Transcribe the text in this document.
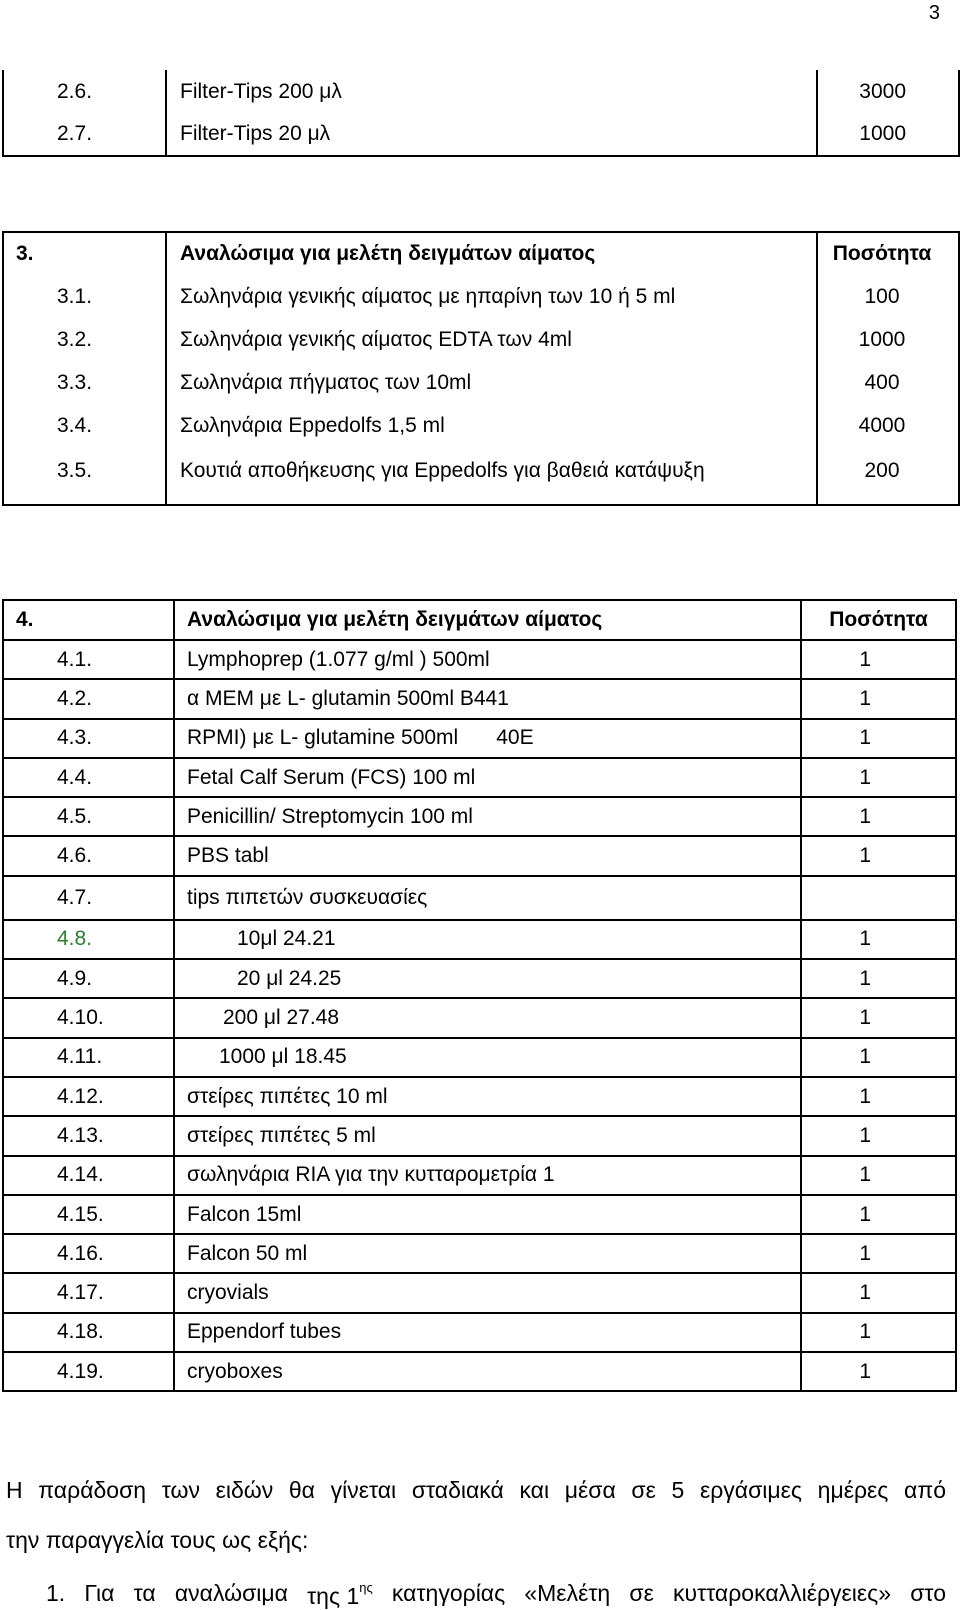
3
2.6.	Filter-Tips 200 μλ	3000
2.7.	Filter-Tips 20 μλ	1000
3.	Αναλώσιμα για μελέτη δειγμάτων αίματος	Ποσότητα
3.1.	Σωληνάρια γενικής αίματος με ηπαρίνη των 10 ή 5 ml	100
3.2.	Σωληνάρια γενικής αίματος EDTA των 4ml	1000
3.3.	Σωληνάρια πήγματος των 10ml	400
3.4.	Σωληνάρια Eppedolfs 1,5 ml	4000
3.5.	Κουτιά αποθήκευσης για Eppedolfs για βαθειά κατάψυξη	200
4.	Αναλώσιμα για μελέτη δειγμάτων αίματος	Ποσότητα
4.1.	Lymphoprep (1.077 g/ml ) 500ml	1
4.2.	α MEM με L- glutamin 500ml B441	1
4.3.	RPMI) με L- glutamine 500ml 40E	1
4.4.	Fetal Calf Serum (FCS) 100 ml	1
4.5.	Penicillin/ Streptomycin 100 ml	1
4.6.	PBS tabl	1
4.7.	tips πιπετών συσκευασίες	
4.8.	10μl 24.21	1
4.9.	20 μl 24.25	1
4.10.	200 μl 27.48	1
4.11.	1000 μl 18.45	1
4.12.	στείρες πιπέτες 10 ml	1
4.13.	στείρες πιπέτες 5 ml	1
4.14.	σωληνάρια RIA για την κυτταρομετρία 1	1
4.15.	Falcon 15ml	1
4.16.	Falcon 50 ml	1
4.17.	cryovials	1
4.18.	Eppendorf tubes	1
4.19.	cryoboxes	1
Η παράδοση των ειδών θα γίνεται σταδιακά και μέσα σε 5 εργάσιμες ημέρες από
την παραγγελία τους ως εξής:
1. Για τα αναλώσιμα της $1^{\eta\varsigma}$ κατηγορίας «Μελέτη σε κυτταροκαλλιέργειες» στο
